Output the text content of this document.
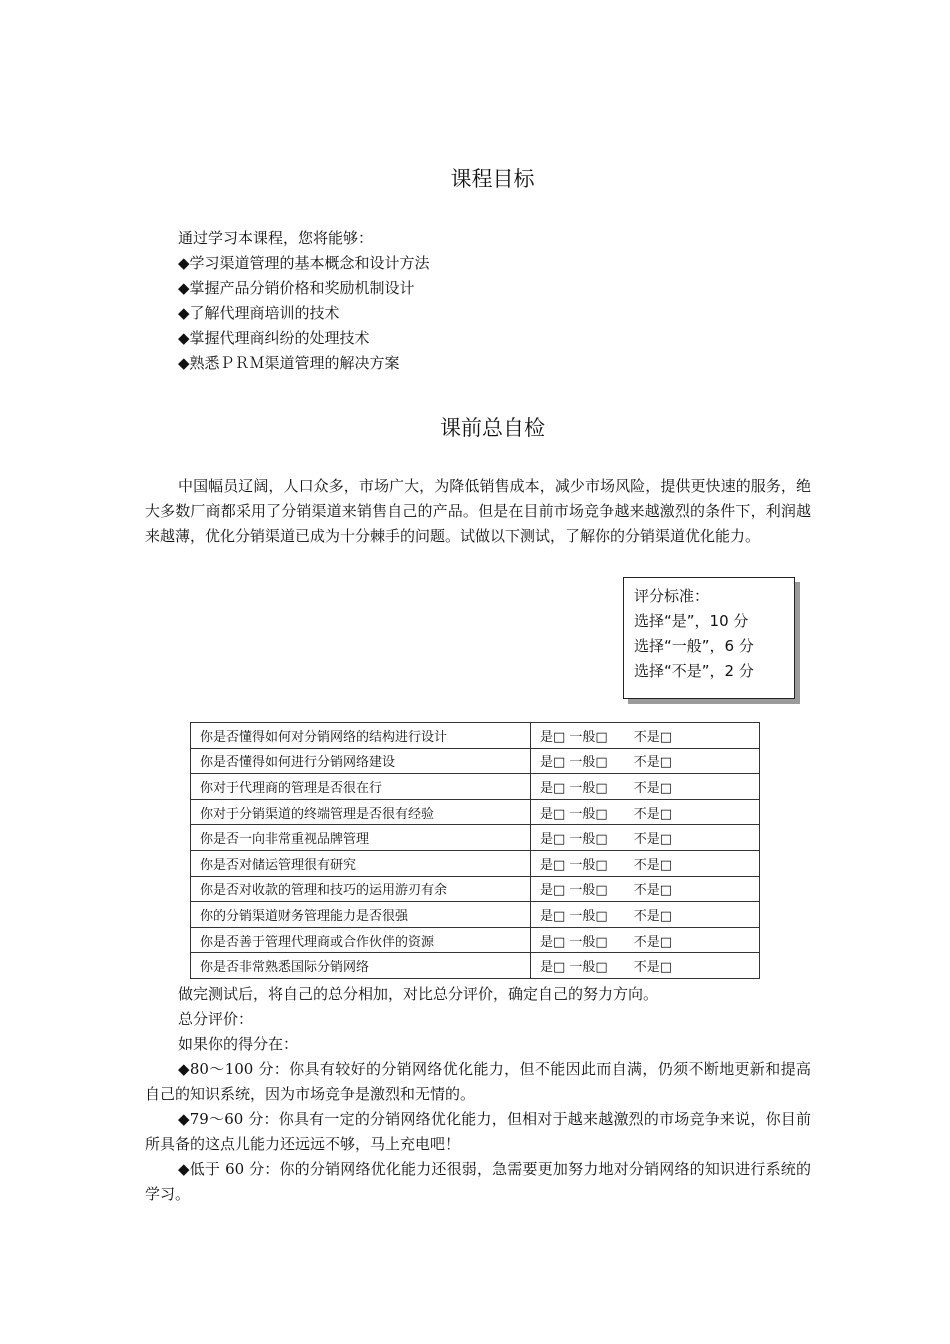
课程目标
通过学习本课程，您将能够：
◆学习渠道管理的基本概念和设计方法
◆掌握产品分销价格和奖励机制设计
◆了解代理商培训的技术
◆掌握代理商纠纷的处理技术
◆熟悉ＰＲＭ渠道管理的解决方案
课前总自检
中国幅员辽阔，人口众多，市场广大，为降低销售成本，减少市场风险，提供更快速的服务，绝大多数厂商都采用了分销渠道来销售自己的产品。但是在目前市场竞争越来越激烈的条件下，利润越来越薄，优化分销渠道已成为十分棘手的问题。试做以下测试，了解你的分销渠道优化能力。
评分标准：
选择“是”，10 分
选择“一般”，6 分
选择“不是”，2 分
你是否懂得如何对分销网络的结构进行设计	是□ 一般□　　不是□
你是否懂得如何进行分销网络建设	是□ 一般□　　不是□
你对于代理商的管理是否很在行	是□ 一般□　　不是□
你对于分销渠道的终端管理是否很有经验	是□ 一般□　　不是□
你是否一向非常重视品牌管理	是□ 一般□　　不是□
你是否对储运管理很有研究	是□ 一般□　　不是□
你是否对收款的管理和技巧的运用游刃有余	是□ 一般□　　不是□
你的分销渠道财务管理能力是否很强	是□ 一般□　　不是□
你是否善于管理代理商或合作伙伴的资源	是□ 一般□　　不是□
你是否非常熟悉国际分销网络	是□ 一般□　　不是□
做完测试后，将自己的总分相加，对比总分评价，确定自己的努力方向。
总分评价：
如果你的得分在：
◆80～100 分：你具有较好的分销网络优化能力，但不能因此而自满，仍须不断地更新和提高自己的知识系统，因为市场竞争是激烈和无情的。
◆79～60 分：你具有一定的分销网络优化能力，但相对于越来越激烈的市场竞争来说，你目前所具备的这点儿能力还远远不够，马上充电吧！
◆低于 60 分：你的分销网络优化能力还很弱，急需要更加努力地对分销网络的知识进行系统的学习。
